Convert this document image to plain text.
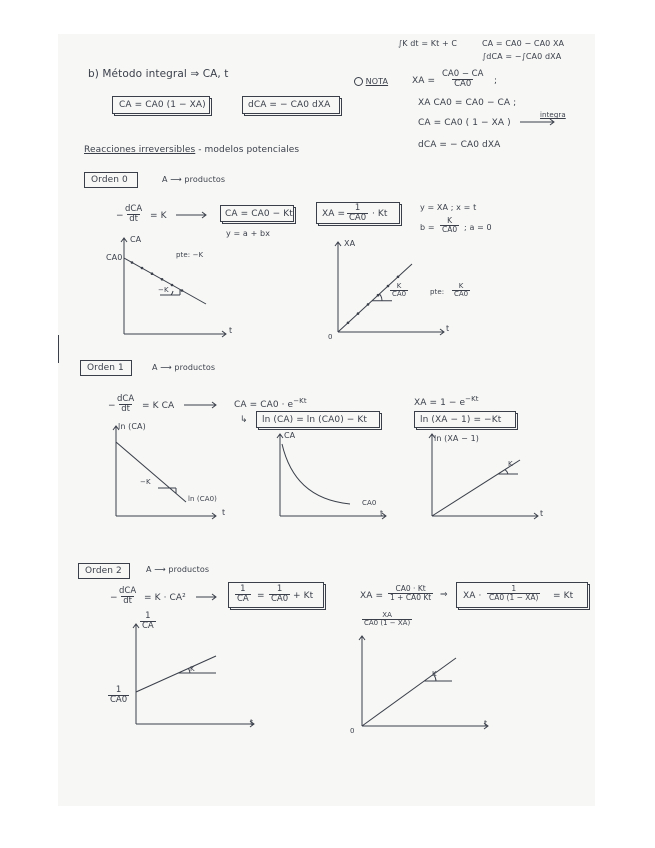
∫K dt = Kt + C	CA = CA0 − CA0 XA
∫dCA = −∫CA0 dXA
b) Método integral ⇒ CA, t
CA = CA0 (1 − XA)	dCA = − CA0 dXA
NOTA	XA = $\frac{CA0 - CA}{CA0}$ ;
XA CA0 = CA0 − CA ;
CA = CA0 ( 1 − XA )
integra
dCA = − CA0 dXA
Reacciones irreversibles - modelos potenciales
Orden 0	A ⟶ productos
−
dCA
dt = K	CA = CA0 − Kt
y = a + bx
XA = $\frac{1}{CA0} \cdot Kt$
y = XA ; x = t
$b = \frac{K}{CA0}$ ; a = 0
CA
CA0	pte: −K
−K
t
XA
$\frac{K}{CA0}$	pte: $\frac{K}{CA0}$
0
t
Orden 1	A ⟶ productos
−
dCA
dt = K CA	CA = $CA0 \cdot e^{-Kt}$
↳ ln (CA) = ln (CA0) − Kt
XA = $1 - e^{-Kt}$
ln (XA − 1) = −Kt
ln (CA)
−K
ln (CA0)
t
CA
CA0
t
ln (XA − 1)
K
t
Orden 2	A ⟶ productos
−
dCA
dt = K · CA²	$\frac{1}{CA} = \frac{1}{CA0} + Kt$	XA = $\frac{CA0 \cdot Kt}{1 + CA0 Kt}$ ⇒ XA · $\frac{1}{CA0 (1 - XA)} = Kt$
$\frac{1}{CA}$
$\frac{1}{CA0}$
K
t
$\frac{XA}{CA0 (1 - XA)}$
K
0
t
